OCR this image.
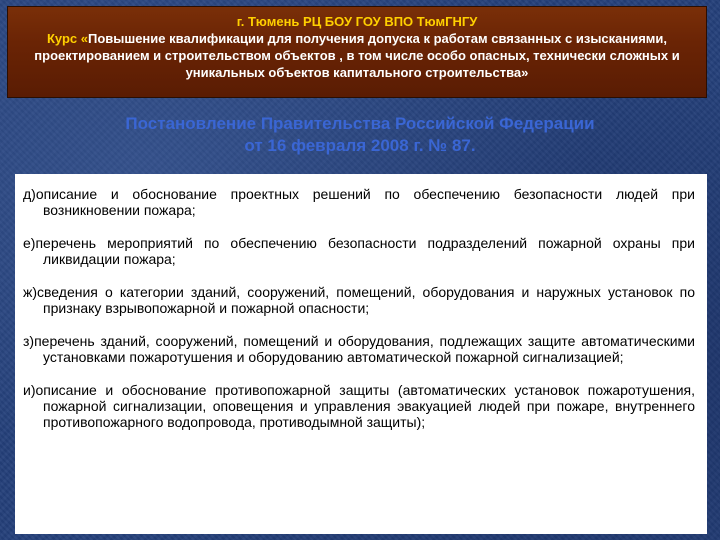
г. Тюмень РЦ БОУ ГОУ ВПО ТюмГНГУ
Курс «Повышение квалификации для получения допуска к работам связанных с изысканиями, проектированием и строительством объектов , в том числе особо опасных, технически сложных и уникальных объектов капитального строительства»
Постановление Правительства Российской Федерации
от 16 февраля 2008 г. № 87.
д)описание и обоснование проектных решений по обеспечению безопасности людей при возникновении пожара;
е)перечень мероприятий по обеспечению безопасности подразделений пожарной охраны при ликвидации пожара;
ж)сведения о категории зданий, сооружений, помещений, оборудования и наружных установок по признаку взрывопожарной и пожарной опасности;
з)перечень зданий, сооружений, помещений и оборудования, подлежащих защите автоматическими установками пожаротушения и оборудованию автоматической пожарной сигнализацией;
и)описание и обоснование противопожарной защиты (автоматических установок пожаротушения, пожарной сигнализации, оповещения и управления эвакуацией людей при пожаре, внутреннего противопожарного водопровода, противодымной защиты);
